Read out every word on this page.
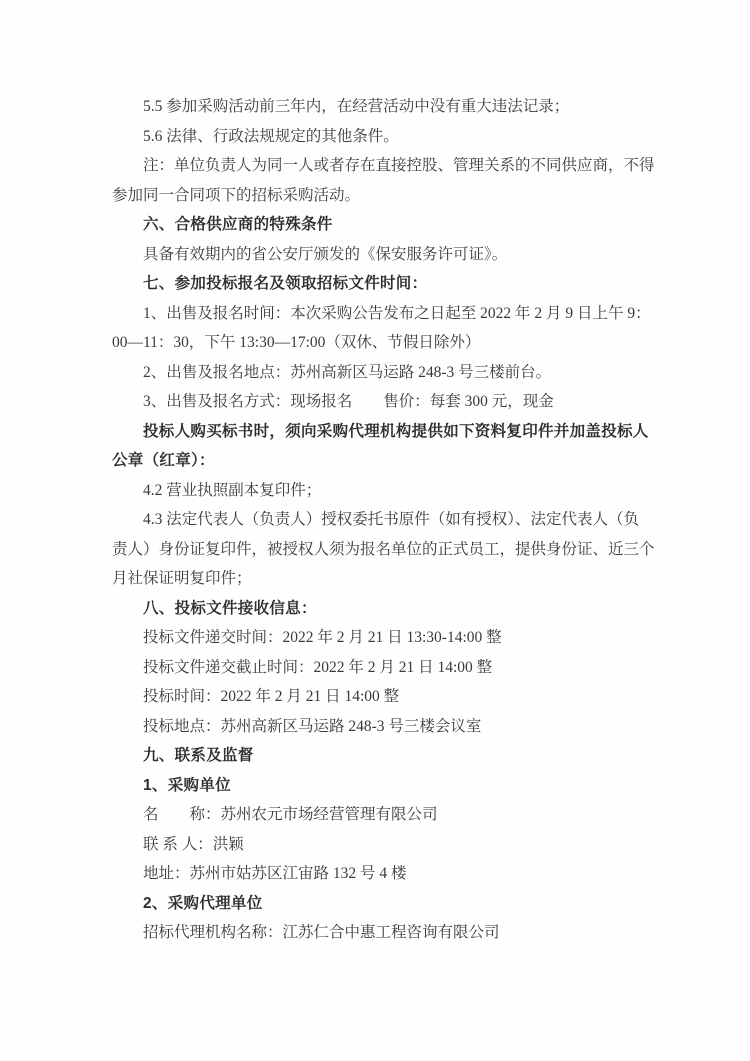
5.5 参加采购活动前三年内，在经营活动中没有重大违法记录；
5.6 法律、行政法规规定的其他条件。
注：单位负责人为同一人或者存在直接控股、管理关系的不同供应商，不得
参加同一合同项下的招标采购活动。
六、合格供应商的特殊条件
具备有效期内的省公安厅颁发的《保安服务许可证》。
七、参加投标报名及领取招标文件时间：
1、出售及报名时间：本次采购公告发布之日起至 2022 年 2 月 9 日上午 9：
00—11：30，下午 13:30—17:00（双休、节假日除外）
2、出售及报名地点：苏州高新区马运路 248-3 号三楼前台。
3、出售及报名方式：现场报名　　售价：每套 300 元，现金
投标人购买标书时，须向采购代理机构提供如下资料复印件并加盖投标人
公章（红章）：
4.2 营业执照副本复印件；
4.3 法定代表人（负责人）授权委托书原件（如有授权）、法定代表人（负
责人）身份证复印件，被授权人须为报名单位的正式员工，提供身份证、近三个
月社保证明复印件；
八、投标文件接收信息：
投标文件递交时间：2022 年 2 月 21 日 13:30-14:00 整
投标文件递交截止时间：2022 年 2 月 21 日 14:00 整
投标时间：2022 年 2 月 21 日 14:00 整
投标地点：苏州高新区马运路 248-3 号三楼会议室
九、联系及监督
1、采购单位
名　　称：苏州农元市场经营管理有限公司
联 系 人：洪颖
地址：苏州市姑苏区江宙路 132 号 4 楼
2、采购代理单位
招标代理机构名称：江苏仁合中惠工程咨询有限公司
